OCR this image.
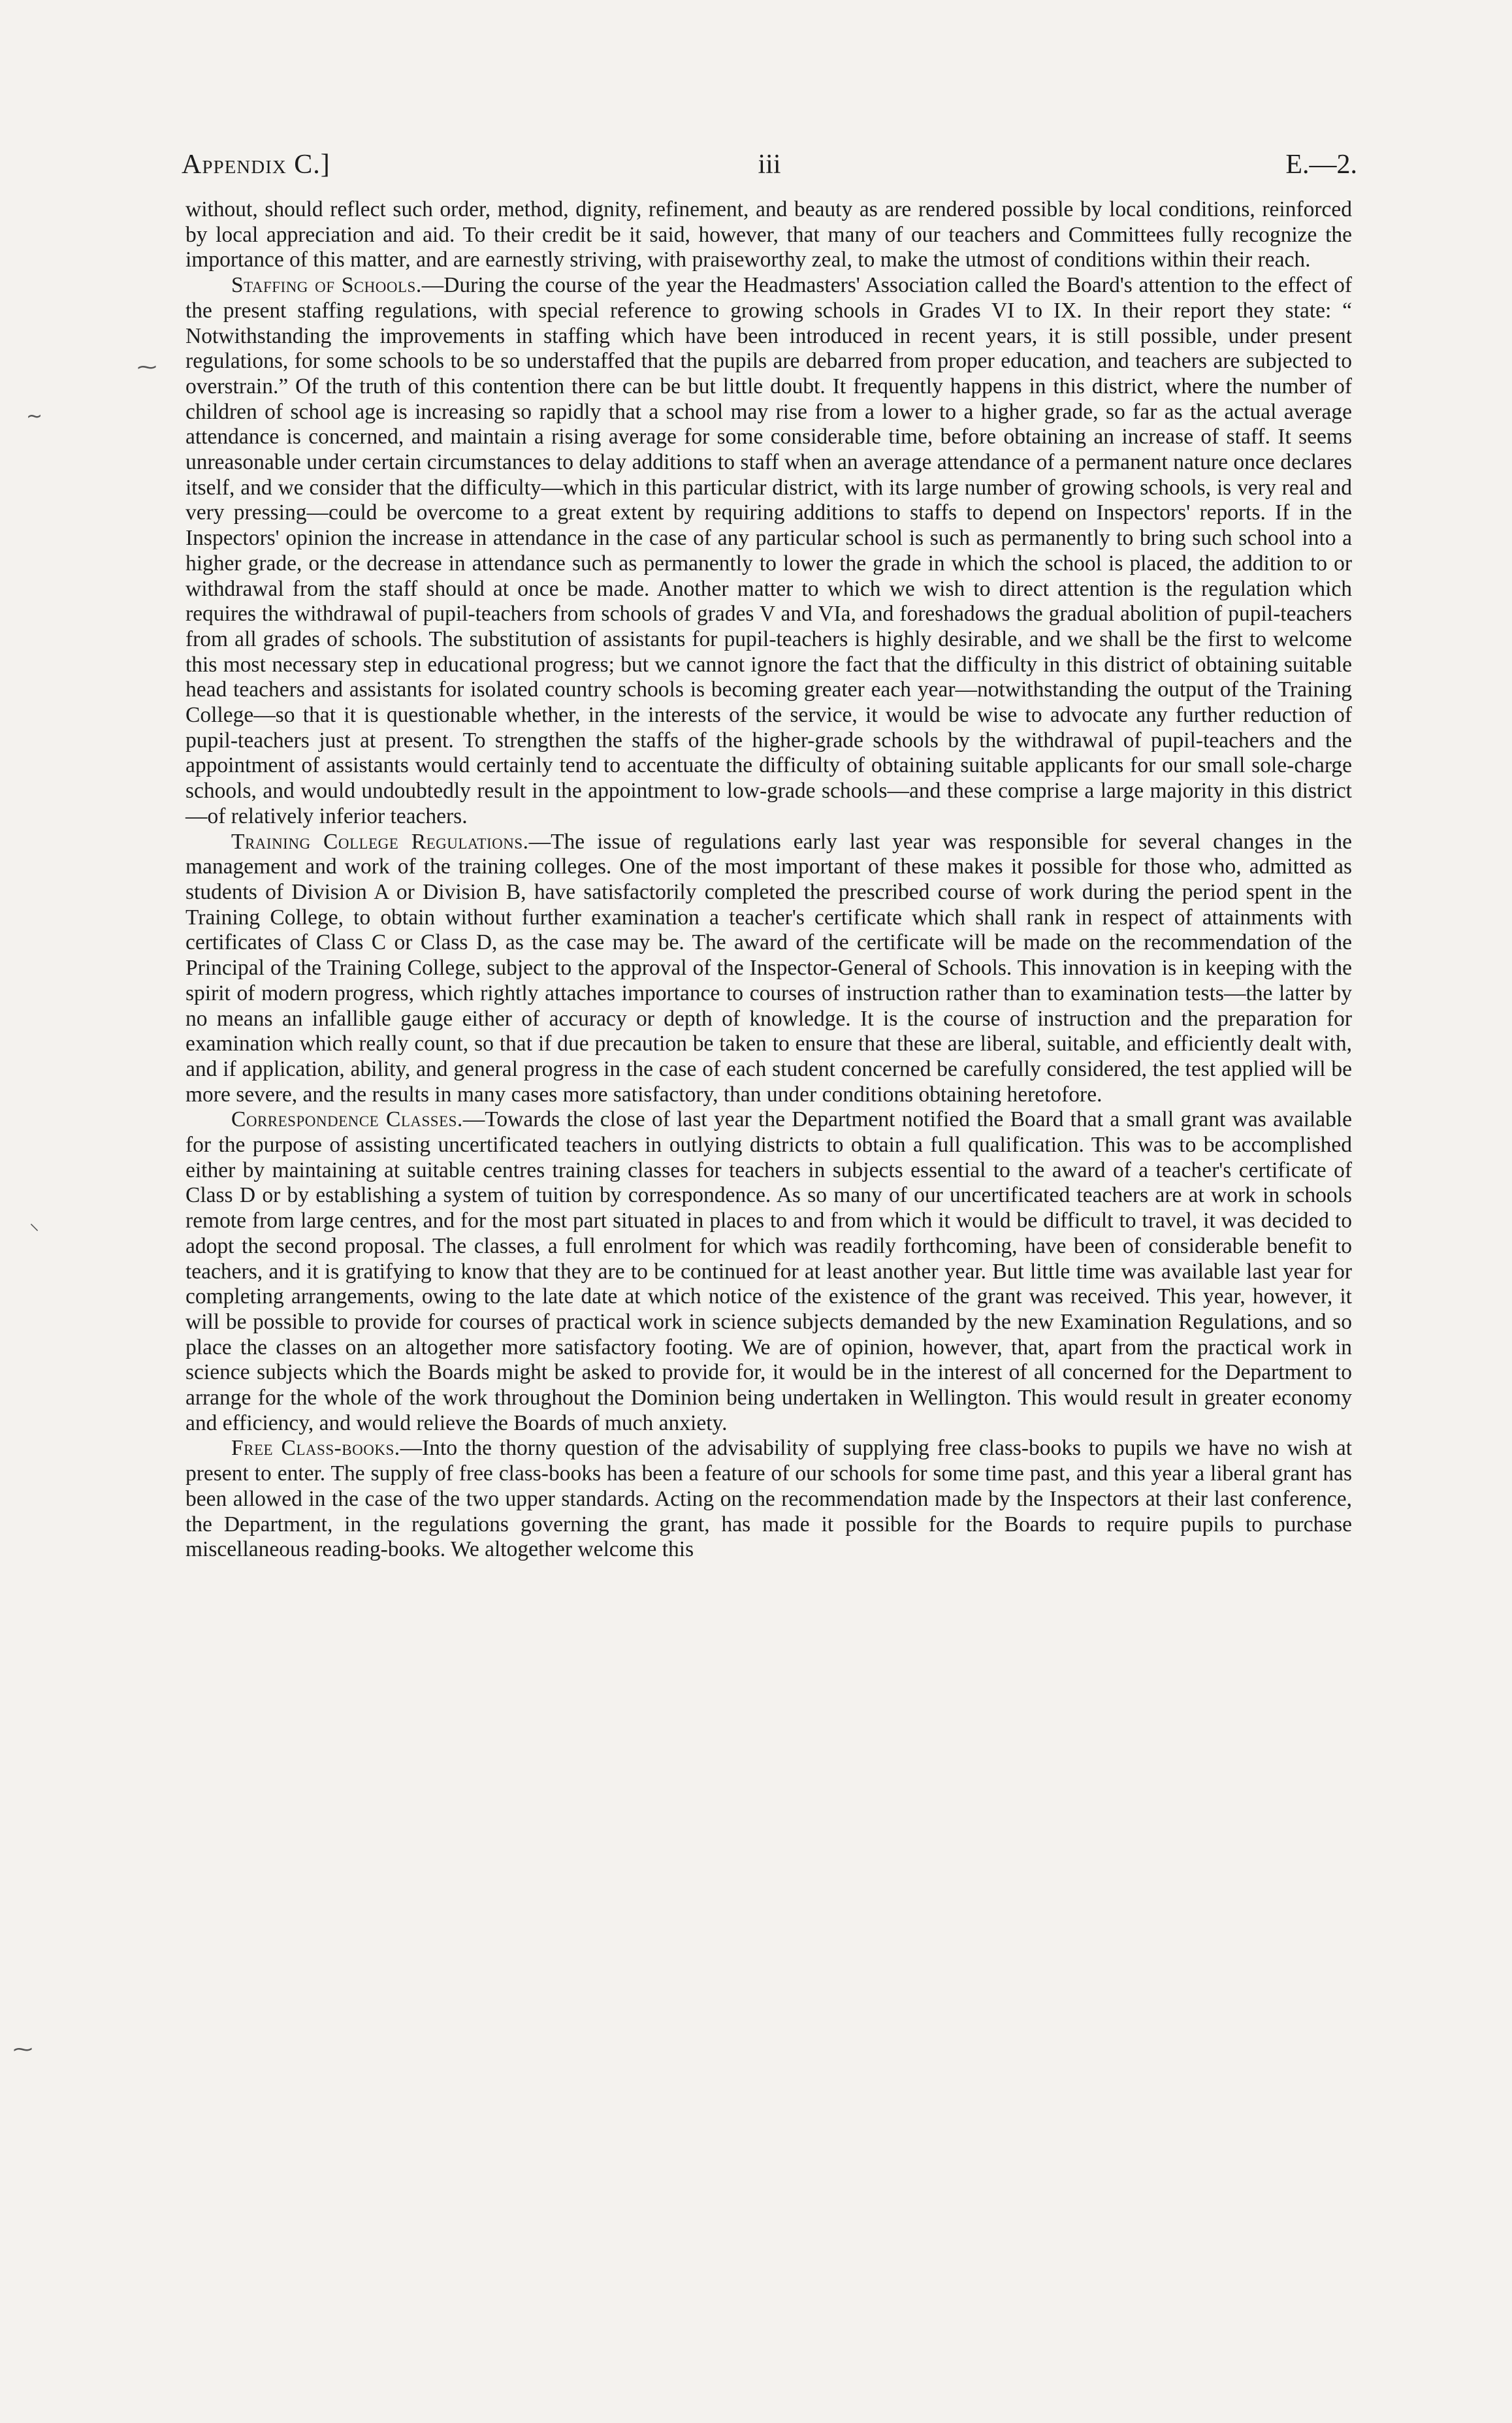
Appendix C.]	iii	E.—2.

without, should reflect such order, method, dignity, refinement, and beauty as are rendered possible by local conditions, reinforced by local appreciation and aid. To their credit be it said, however, that many of our teachers and Committees fully recognize the importance of this matter, and are earnestly striving, with praiseworthy zeal, to make the utmost of conditions within their reach.

Staffing of Schools.—During the course of the year the Headmasters' Association called the Board's attention to the effect of the present staffing regulations, with special reference to growing schools in Grades VI to IX. In their report they state: “ Notwithstanding the improvements in staffing which have been introduced in recent years, it is still possible, under present regulations, for some schools to be so understaffed that the pupils are debarred from proper education, and teachers are subjected to overstrain.” Of the truth of this contention there can be but little doubt. It frequently happens in this district, where the number of children of school age is increasing so rapidly that a school may rise from a lower to a higher grade, so far as the actual average attendance is concerned, and maintain a rising average for some considerable time, before obtaining an increase of staff. It seems unreasonable under certain circumstances to delay additions to staff when an average attendance of a permanent nature once declares itself, and we consider that the difficulty—which in this particular district, with its large number of growing schools, is very real and very pressing—could be overcome to a great extent by requiring additions to staffs to depend on Inspectors' reports. If in the Inspectors' opinion the increase in attendance in the case of any particular school is such as permanently to bring such school into a higher grade, or the decrease in attendance such as permanently to lower the grade in which the school is placed, the addition to or withdrawal from the staff should at once be made. Another matter to which we wish to direct attention is the regulation which requires the withdrawal of pupil-teachers from schools of grades V and VIa, and foreshadows the gradual abolition of pupil-teachers from all grades of schools. The substitution of assistants for pupil-teachers is highly desirable, and we shall be the first to welcome this most necessary step in educational progress; but we cannot ignore the fact that the difficulty in this district of obtaining suitable head teachers and assistants for isolated country schools is becoming greater each year—notwithstanding the output of the Training College—so that it is questionable whether, in the interests of the service, it would be wise to advocate any further reduction of pupil-teachers just at present. To strengthen the staffs of the higher-grade schools by the withdrawal of pupil-teachers and the appointment of assistants would certainly tend to accentuate the difficulty of obtaining suitable applicants for our small sole-charge schools, and would undoubtedly result in the appointment to low-grade schools—and these comprise a large majority in this district—of relatively inferior teachers.

Training College Regulations.—The issue of regulations early last year was responsible for several changes in the management and work of the training colleges. One of the most important of these makes it possible for those who, admitted as students of Division A or Division B, have satisfactorily completed the prescribed course of work during the period spent in the Training College, to obtain without further examination a teacher's certificate which shall rank in respect of attainments with certificates of Class C or Class D, as the case may be. The award of the certificate will be made on the recommendation of the Principal of the Training College, subject to the approval of the Inspector-General of Schools. This innovation is in keeping with the spirit of modern progress, which rightly attaches importance to courses of instruction rather than to examination tests—the latter by no means an infallible gauge either of accuracy or depth of knowledge. It is the course of instruction and the preparation for examination which really count, so that if due precaution be taken to ensure that these are liberal, suitable, and efficiently dealt with, and if application, ability, and general progress in the case of each student concerned be carefully considered, the test applied will be more severe, and the results in many cases more satisfactory, than under conditions obtaining heretofore.

Correspondence Classes.—Towards the close of last year the Department notified the Board that a small grant was available for the purpose of assisting uncertificated teachers in outlying districts to obtain a full qualification. This was to be accomplished either by maintaining at suitable centres training classes for teachers in subjects essential to the award of a teacher's certificate of Class D or by establishing a system of tuition by correspondence. As so many of our uncertificated teachers are at work in schools remote from large centres, and for the most part situated in places to and from which it would be difficult to travel, it was decided to adopt the second proposal. The classes, a full enrolment for which was readily forthcoming, have been of considerable benefit to teachers, and it is gratifying to know that they are to be continued for at least another year. But little time was available last year for completing arrangements, owing to the late date at which notice of the existence of the grant was received. This year, however, it will be possible to provide for courses of practical work in science subjects demanded by the new Examination Regulations, and so place the classes on an altogether more satisfactory footing. We are of opinion, however, that, apart from the practical work in science subjects which the Boards might be asked to provide for, it would be in the interest of all concerned for the Department to arrange for the whole of the work throughout the Dominion being undertaken in Wellington. This would result in greater economy and efficiency, and would relieve the Boards of much anxiety.

Free Class-books.—Into the thorny question of the advisability of supplying free class-books to pupils we have no wish at present to enter. The supply of free class-books has been a feature of our schools for some time past, and this year a liberal grant has been allowed in the case of the two upper standards. Acting on the recommendation made by the Inspectors at their last conference, the Department, in the regulations governing the grant, has made it possible for the Boards to require pupils to purchase miscellaneous reading-books. We altogether welcome this

⁓
~
⸜
⁓
